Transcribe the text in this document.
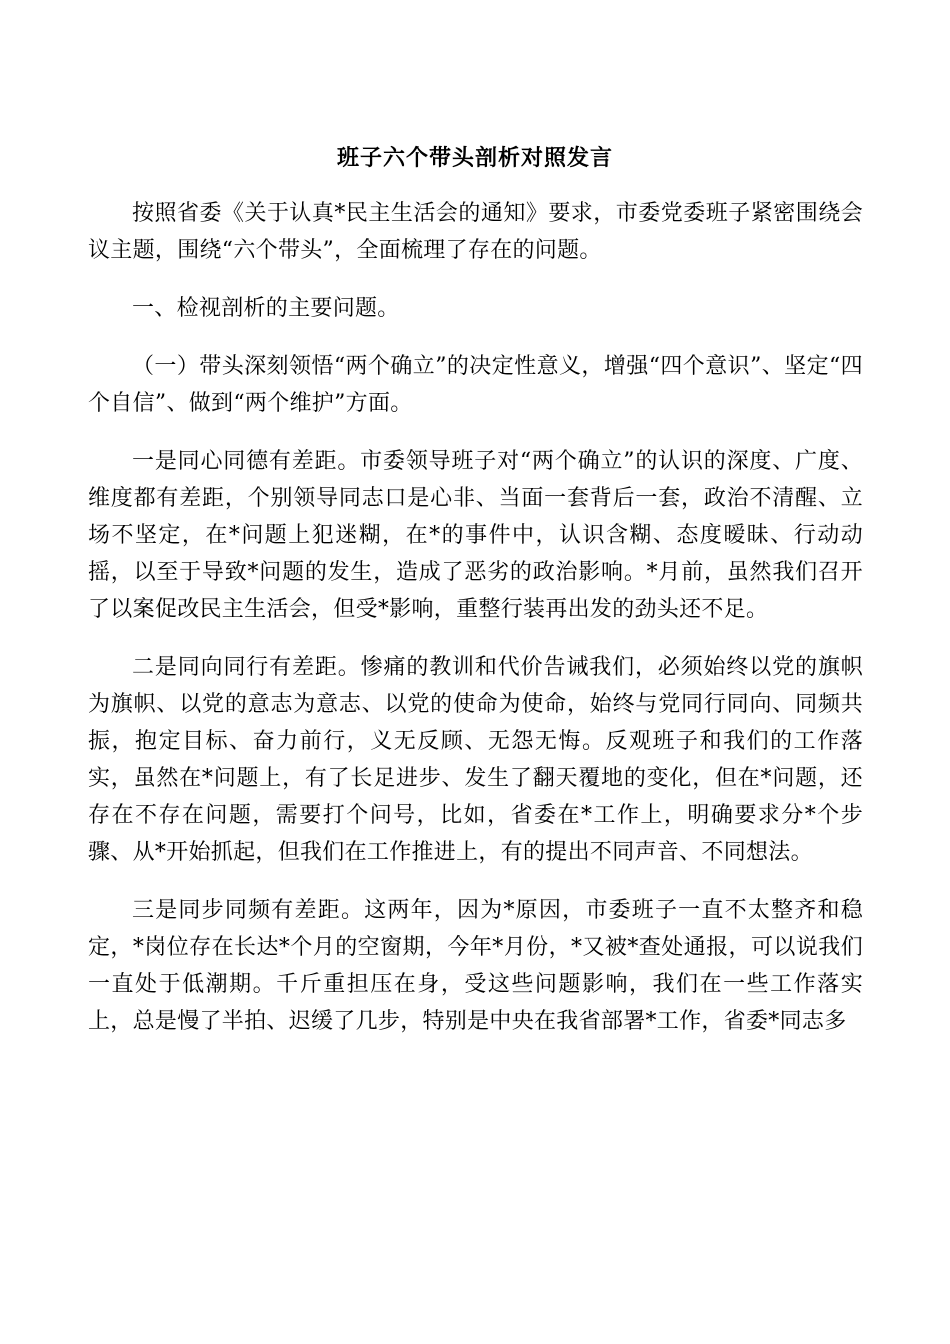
班子六个带头剖析对照发言

按照省委《关于认真*民主生活会的通知》要求，市委党委班子紧密围绕会议主题，围绕“六个带头”，全面梳理了存在的问题。

一、检视剖析的主要问题。

（一）带头深刻领悟“两个确立”的决定性意义，增强“四个意识”、坚定“四个自信”、做到“两个维护”方面。

一是同心同德有差距。市委领导班子对“两个确立”的认识的深度、广度、维度都有差距，个别领导同志口是心非、当面一套背后一套，政治不清醒、立场不坚定，在*问题上犯迷糊，在*的事件中，认识含糊、态度暧昧、行动动摇，以至于导致*问题的发生，造成了恶劣的政治影响。*月前，虽然我们召开了以案促改民主生活会，但受*影响，重整行装再出发的劲头还不足。

二是同向同行有差距。惨痛的教训和代价告诫我们，必须始终以党的旗帜为旗帜、以党的意志为意志、以党的使命为使命，始终与党同行同向、同频共振，抱定目标、奋力前行，义无反顾、无怨无悔。反观班子和我们的工作落实，虽然在*问题上，有了长足进步、发生了翻天覆地的变化，但在*问题，还存在不存在问题，需要打个问号，比如，省委在*工作上，明确要求分*个步骤、从*开始抓起，但我们在工作推进上，有的提出不同声音、不同想法。

三是同步同频有差距。这两年，因为*原因，市委班子一直不太整齐和稳定，*岗位存在长达*个月的空窗期，今年*月份，*又被*查处通报，可以说我们一直处于低潮期。千斤重担压在身，受这些问题影响，我们在一些工作落实上，总是慢了半拍、迟缓了几步，特别是中央在我省部署*工作，省委*同志多
